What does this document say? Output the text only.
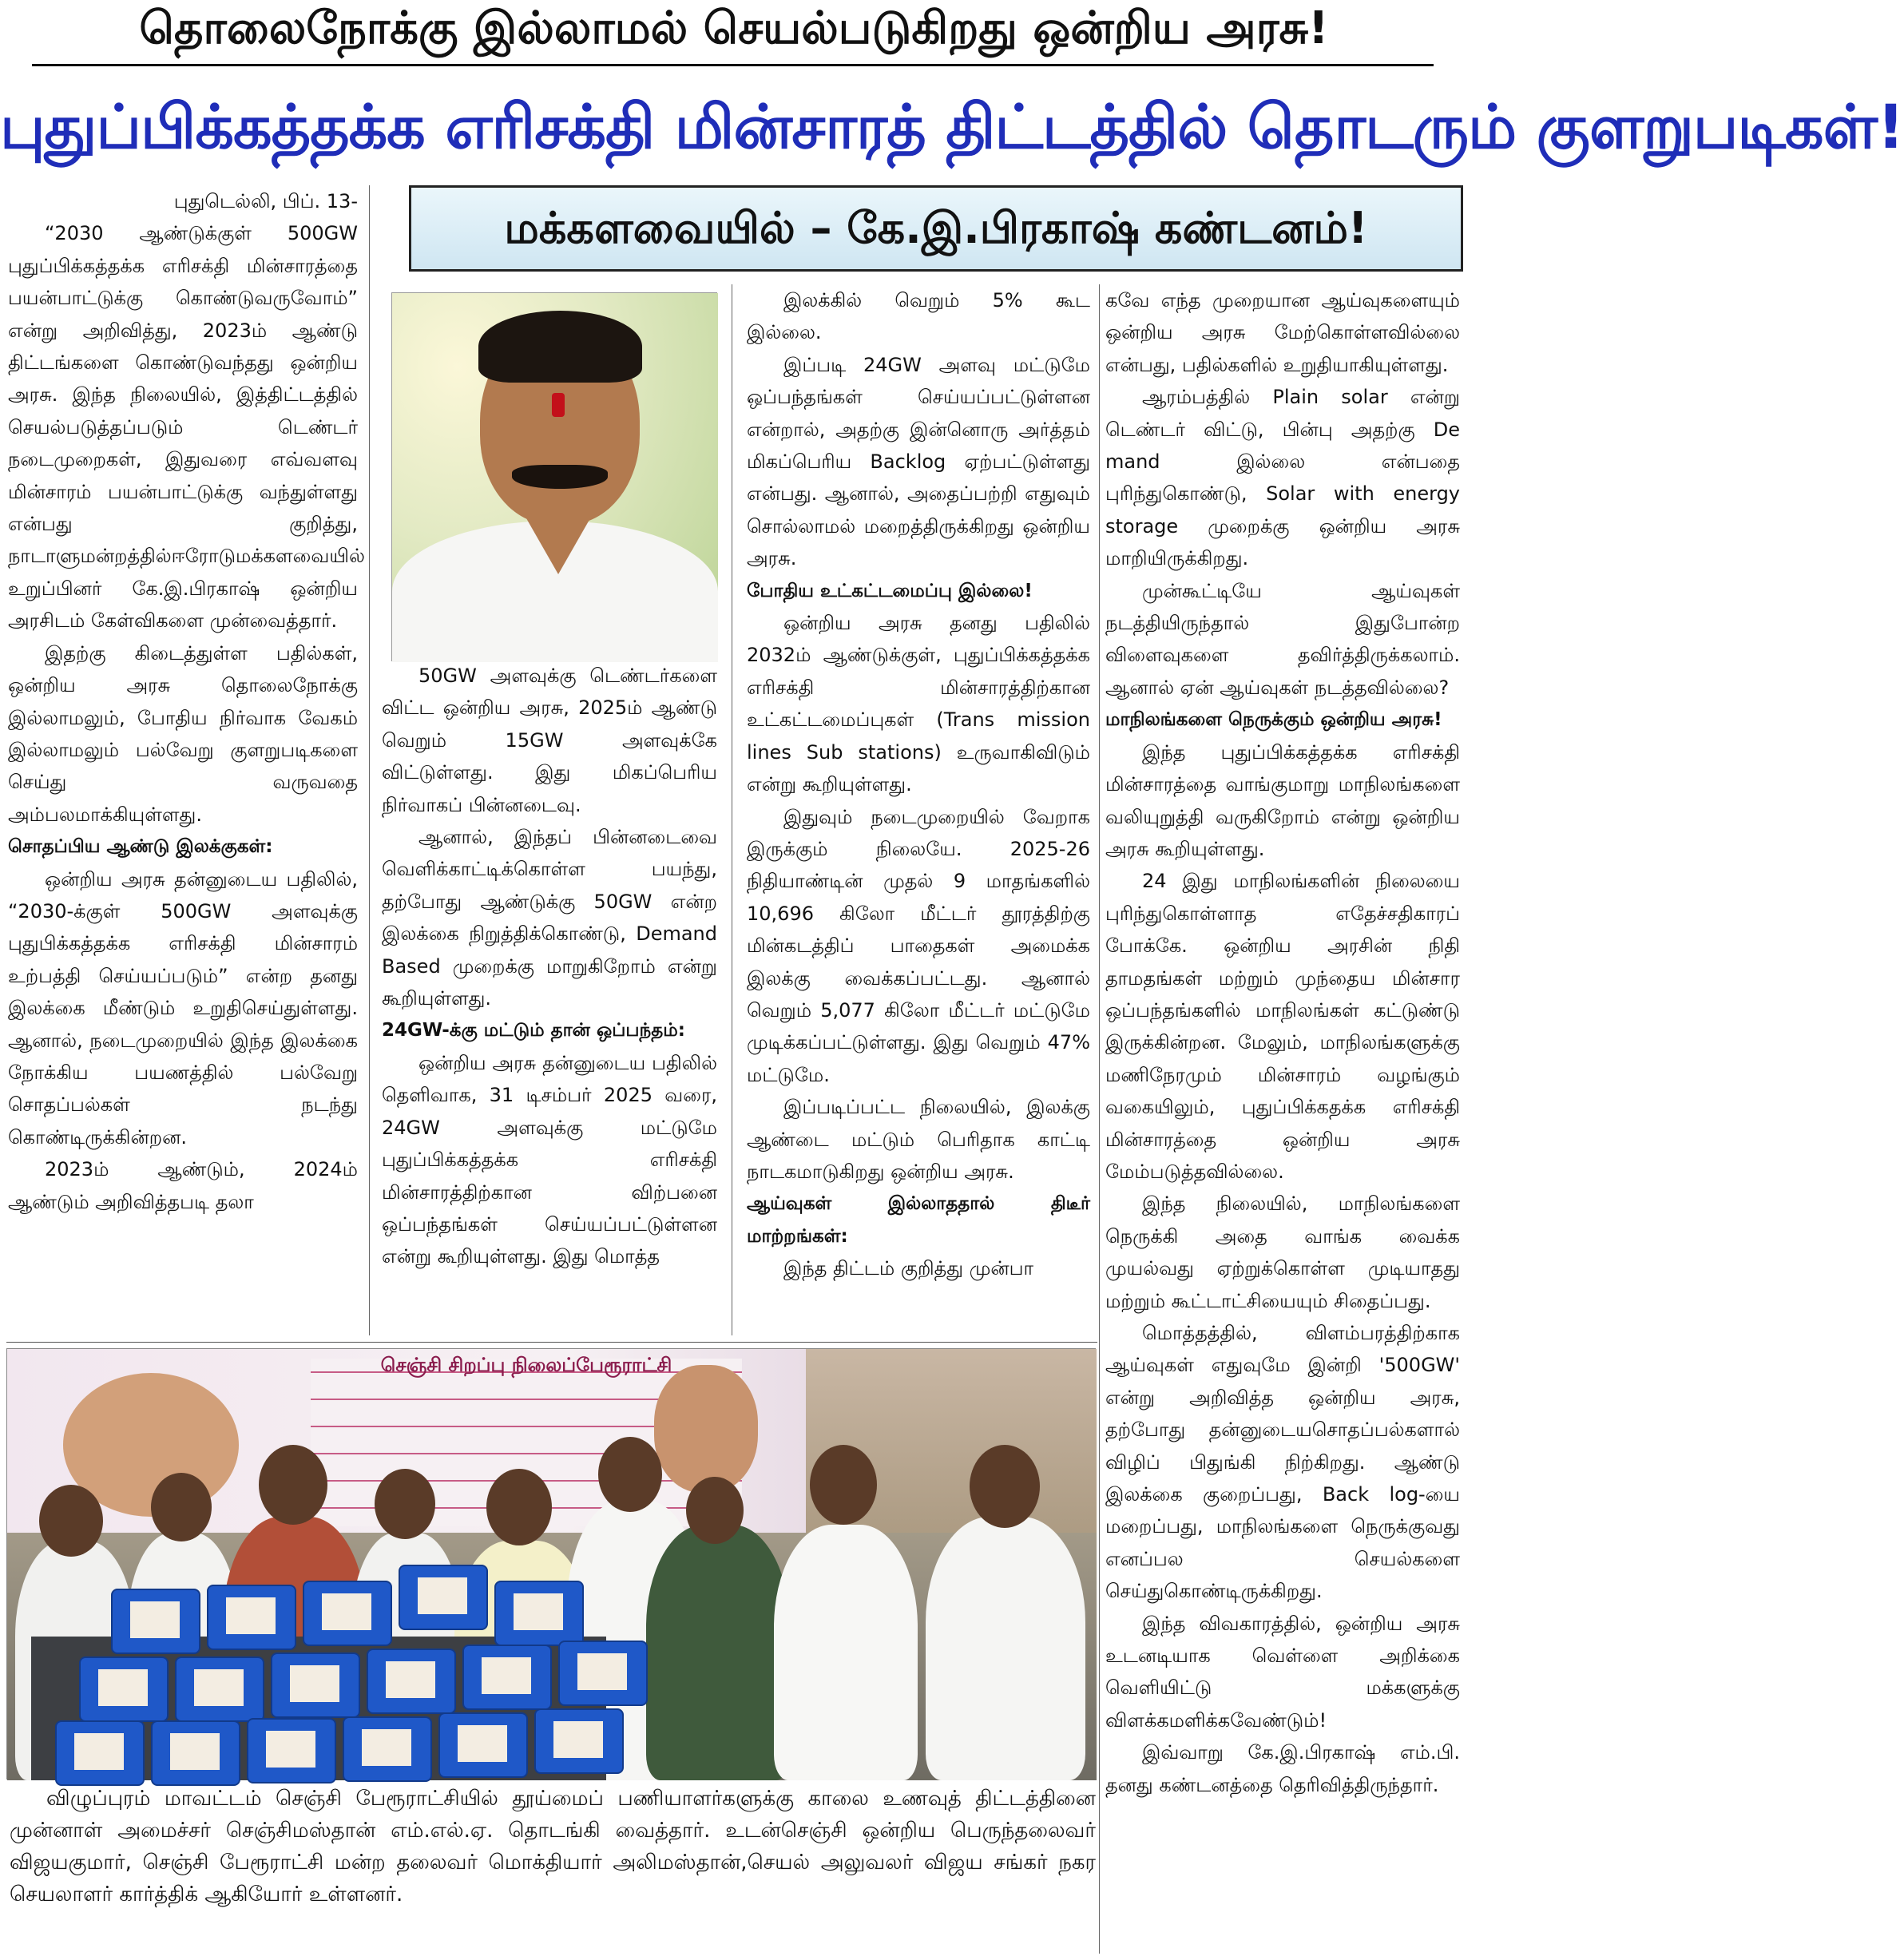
தொலைநோக்கு இல்லாமல் செயல்படுகிறது ஒன்றிய அரசு!
புதுப்பிக்கத்தக்க எரிசக்தி மின்சாரத் திட்டத்தில் தொடரும் குளறுபடிகள்!
மக்களவையில் – கே.இ.பிரகாஷ் கண்டனம்!

புதுடெல்லி, பிப். 13-

“2030 ஆண்டுக்குள் 500GW புதுப்பிக்கத்தக்க எரிசக்தி மின்சாரத்தை பயன்பாட்டுக்கு கொண்டுவருவோம்” என்று அறிவித்து, 2023ம் ஆண்டு திட்டங்களை கொண்டுவந்தது ஒன்றிய அரசு. இந்த நிலையில், இத்திட்டத்தில் செயல்படுத்தப்படும் டெண்டர் நடைமுறைகள், இதுவரை எவ்வளவு மின்சாரம் பயன்பாட்டுக்கு வந்துள்ளது என்பது குறித்து, நாடாளுமன்றத்தில்ஈரோடுமக்களவையில் உறுப்பினர் கே.இ.பிரகாஷ் ஒன்றிய அரசிடம் கேள்விகளை முன்வைத்தார்.

இதற்கு கிடைத்துள்ள பதில்கள், ஒன்றிய அரசு தொலைநோக்கு இல்லாமலும், போதிய நிர்வாக வேகம் இல்லாமலும் பல்வேறு குளறுபடிகளை செய்து வருவதை அம்பலமாக்கியுள்ளது.

சொதப்பிய ஆண்டு இலக்குகள்:

ஒன்றிய அரசு தன்னுடைய பதிலில், “2030-க்குள் 500GW அளவுக்கு புதுபிக்கத்தக்க எரிசக்தி மின்சாரம் உற்பத்தி செய்யப்படும்” என்ற தனது இலக்கை மீண்டும் உறுதிசெய்துள்ளது. ஆனால், நடைமுறையில் இந்த இலக்கை நோக்கிய பயணத்தில் பல்வேறு சொதப்பல்கள் நடந்து கொண்டிருக்கின்றன.

2023ம் ஆண்டும், 2024ம் ஆண்டும் அறிவித்தபடி தலா

50GW அளவுக்கு டெண்டர்களை விட்ட ஒன்றிய அரசு, 2025ம் ஆண்டு வெறும் 15GW அளவுக்கே விட்டுள்ளது. இது மிகப்பெரிய நிர்வாகப் பின்னடைவு.

ஆனால், இந்தப் பின்னடைவை வெளிக்காட்டிக்கொள்ள பயந்து, தற்போது ஆண்டுக்கு 50GW என்ற இலக்கை நிறுத்திக்கொண்டு, Demand Based முறைக்கு மாறுகிறோம் என்று கூறியுள்ளது.

24GW-க்கு மட்டும் தான் ஒப்பந்தம்:

ஒன்றிய அரசு தன்னுடைய பதிலில் தெளிவாக, 31 டிசம்பர் 2025 வரை, 24GW அளவுக்கு மட்டுமே புதுப்பிக்கத்தக்க எரிசக்தி மின்சாரத்திற்கான விற்பனை ஒப்பந்தங்கள் செய்யப்பட்டுள்ளன என்று கூறியுள்ளது. இது மொத்த

இலக்கில் வெறும் 5% கூட இல்லை.

இப்படி 24GW அளவு மட்டுமே ஒப்பந்தங்கள் செய்யப்பட்டுள்ளன என்றால், அதற்கு இன்னொரு அர்த்தம் மிகப்பெரிய Backlog ஏற்பட்டுள்ளது என்பது. ஆனால், அதைப்பற்றி எதுவும் சொல்லாமல் மறைத்திருக்கிறது ஒன்றிய அரசு.

போதிய உட்கட்டமைப்பு இல்லை!

ஒன்றிய அரசு தனது பதிலில் 2032ம் ஆண்டுக்குள், புதுப்பிக்கத்தக்க எரிசக்தி மின்சாரத்திற்கான உட்கட்டமைப்புகள் (Trans mission lines Sub stations) உருவாகிவிடும் என்று கூறியுள்ளது.

இதுவும் நடைமுறையில் வேறாக இருக்கும் நிலையே. 2025-26 நிதியாண்டின் முதல் 9 மாதங்களில் 10,696 கிலோ மீட்டர் தூரத்திற்கு மின்கடத்திப் பாதைகள் அமைக்க இலக்கு வைக்கப்பட்டது. ஆனால் வெறும் 5,077 கிலோ மீட்டர் மட்டுமே முடிக்கப்பட்டுள்ளது. இது வெறும் 47% மட்டுமே.

இப்படிப்பட்ட நிலையில், இலக்கு ஆண்டை மட்டும் பெரிதாக காட்டி நாடகமாடுகிறது ஒன்றிய அரசு.

ஆய்வுகள் இல்லாததால் திடீர் மாற்றங்கள்:

இந்த திட்டம் குறித்து முன்பா

கவே எந்த முறையான ஆய்வுகளையும் ஒன்றிய அரசு மேற்கொள்ளவில்லை என்பது, பதில்களில் உறுதியாகியுள்ளது.

ஆரம்பத்தில் Plain solar என்று டெண்டர் விட்டு, பின்பு அதற்கு De mand இல்லை என்பதை புரிந்துகொண்டு, Solar with energy storage முறைக்கு ஒன்றிய அரசு மாறியிருக்கிறது.

முன்கூட்டியே ஆய்வுகள் நடத்தியிருந்தால் இதுபோன்ற விளைவுகளை தவிர்த்திருக்கலாம். ஆனால் ஏன் ஆய்வுகள் நடத்தவில்லை?

மாநிலங்களை நெருக்கும் ஒன்றிய அரசு!

இந்த புதுப்பிக்கத்தக்க எரிசக்தி மின்சாரத்தை வாங்குமாறு மாநிலங்களை வலியுறுத்தி வருகிறோம் என்று ஒன்றிய அரசு கூறியுள்ளது.

24 இது மாநிலங்களின் நிலையை புரிந்துகொள்ளாத எதேச்சதிகாரப் போக்கே. ஒன்றிய அரசின் நிதி தாமதங்கள் மற்றும் முந்தைய மின்சார ஒப்பந்தங்களில் மாநிலங்கள் கட்டுண்டு இருக்கின்றன. மேலும், மாநிலங்களுக்கு மணிநேரமும் மின்சாரம் வழங்கும் வகையிலும், புதுப்பிக்கதக்க எரிசக்தி மின்சாரத்தை ஒன்றிய அரசு மேம்படுத்தவில்லை.

இந்த நிலையில், மாநிலங்களை நெருக்கி அதை வாங்க வைக்க முயல்வது ஏற்றுக்கொள்ள முடியாதது மற்றும் கூட்டாட்சியையும் சிதைப்பது.

மொத்தத்தில், விளம்பரத்திற்காக ஆய்வுகள் எதுவுமே இன்றி '500GW' என்று அறிவித்த ஒன்றிய அரசு, தற்போது தன்னுடையசொதப்பல்களால் விழிப் பிதுங்கி நிற்கிறது. ஆண்டு இலக்கை குறைப்பது, Back log-யை மறைப்பது, மாநிலங்களை நெருக்குவது எனப்பல செயல்களை செய்துகொண்டிருக்கிறது.

இந்த விவகாரத்தில், ஒன்றிய அரசு உடனடியாக வெள்ளை அறிக்கை வெளியிட்டு மக்களுக்கு விளக்கமளிக்கவேண்டும்!

இவ்வாறு கே.இ.பிரகாஷ் எம்.பி. தனது கண்டனத்தை தெரிவித்திருந்தார்.

செஞ்சி சிறப்பு நிலைப்பேரூராட்சி

விழுப்புரம் மாவட்டம் செஞ்சி பேரூராட்சியில் தூய்மைப் பணியாளர்களுக்கு காலை உணவுத் திட்டத்தினை முன்னாள் அமைச்சர் செஞ்சிமஸ்தான் எம்.எல்.ஏ. தொடங்கி வைத்தார். உடன்செஞ்சி ஒன்றிய பெருந்தலைவர் விஜயகுமார், செஞ்சி பேரூராட்சி மன்ற தலைவர் மொக்தியார் அலிமஸ்தான்,செயல் அலுவலர் விஜய சங்கர் நகர செயலாளர் கார்த்திக் ஆகியோர் உள்ளனர்.
